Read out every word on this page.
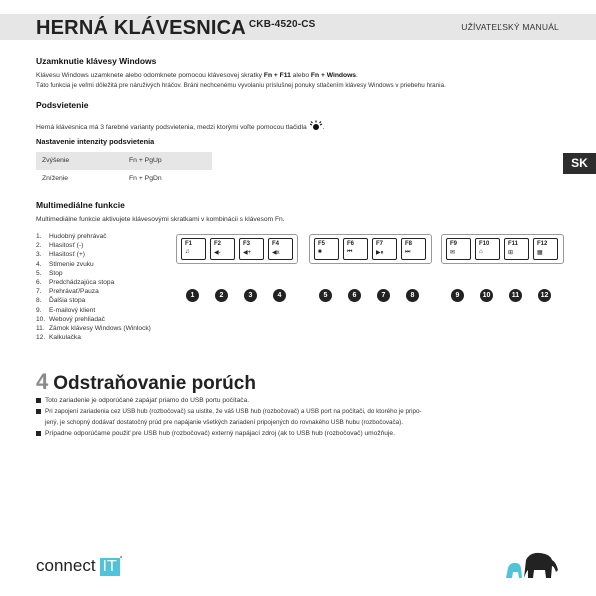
HERNÁ KLÁVESNICA $^{CKB-4520-CS}$	UŽÍVATEĽSKÝ MANUÁL
SK
Uzamknutie klávesy Windows
Klávesu Windows uzamknete alebo odomknete pomocou klávesovej skratky Fn + F11 alebo Fn + Windows.
Táto funkcia je veľmi dôležitá pre náruživých hráčov. Bráni nechcenému vyvolaniu príslušnej ponuky stlačením klávesy Windows v priebehu hrania.
Podsvietenie
Herná klávesnica má 3 farebné varianty podsvietenia, medzi ktorými voľte pomocou tlačidla .
Nastavenie intenzity podsvietenia
Zvýšenie	Fn + PgUp
Zníženie	Fn + PgDn
Multimediálne funkcie
Multimediálne funkcie aktivujete klávesovými skratkami v kombinácii s klávesom Fn.
1. Hudobný prehrávač
2. Hlasitosť (-)
3. Hlasitosť (+)
4. Stlmenie zvuku
5. Stop
6. Predchádzajúca stopa
7. Prehrávať/Pauza
8. Ďalšia stopa
9. E-mailový klient
10. Webový prehliadač
11. Zámok klávesy Windows (Winlock)
12. Kalkulačka
F1
♫
1
F2
◀-
2
F3
◀+
3
F4
◀x
4
F5
■
5
F6
⏮
6
F7
▶⏸
7
F8
⏭
8
F9
✉
9
F10
⌂
10
F11
⊞
11
F12
▦
12
4 Odstraňovanie porúch
Toto zariadenie je odporúčané zapájať priamo do USB portu počítača.
Pri zapojení zariadenia cez USB hub (rozbočovač) sa uistite, že váš USB hub (rozbočovač) a USB port na počítači, do ktorého je pripo-
jený, je schopný dodávať dostatočný prúd pre napájanie všetkých zariadení pripojených do rovnakého USB hubu (rozbočovača).
Prípadne odporúčame použiť pre USB hub (rozbočovač) externý napájací zdroj (ak to USB hub (rozbočovač) umožňuje.
connect IT °
